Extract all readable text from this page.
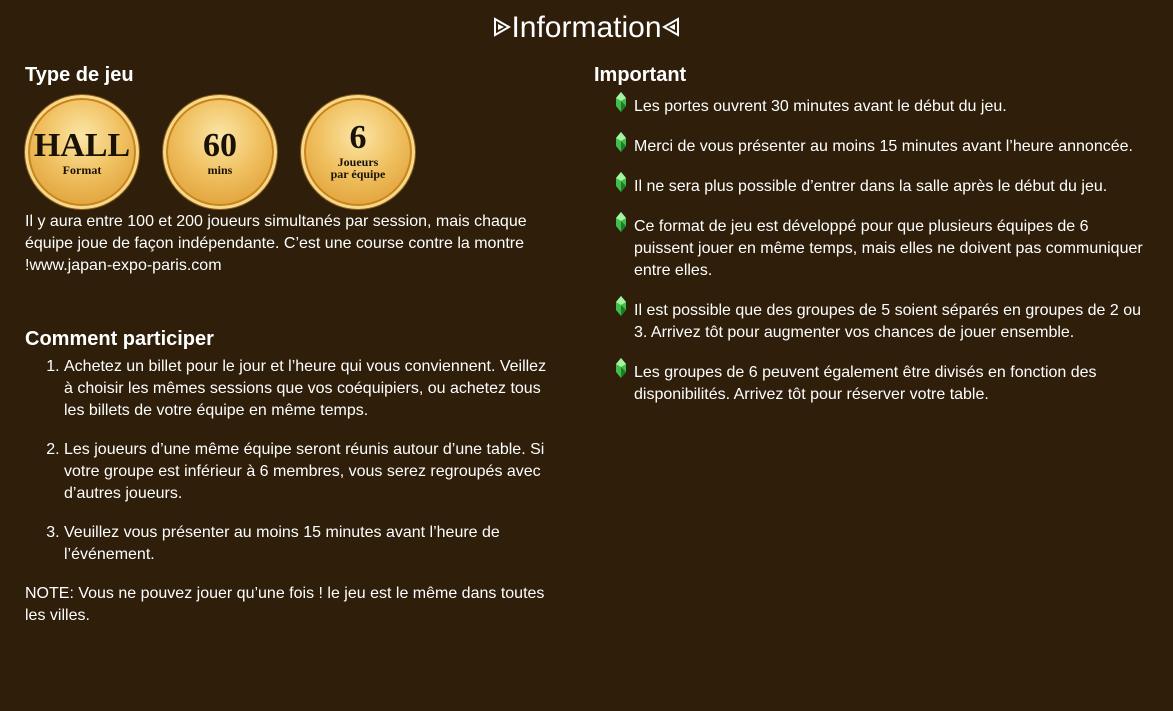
Information
Type de jeu
HALL
Format
60
mins
6
Joueurs
par équipe

Il y aura entre 100 et 200 joueurs simultanés par session, mais chaque équipe joue de façon indépendante. C’est une course contre la montre !www.japan-expo-paris.com

Comment participer
1. Achetez un billet pour le jour et l’heure qui vous conviennent. Veillez à choisir les mêmes sessions que vos coéquipiers, ou achetez tous les billets de votre équipe en même temps.
2. Les joueurs d’une même équipe seront réunis autour d’une table. Si votre groupe est inférieur à 6 membres, vous serez regroupés avec d’autres joueurs.
3. Veuillez vous présenter au moins 15 minutes avant l’heure de l’événement.

NOTE: Vous ne pouvez jouer qu’une fois ! le jeu est le même dans toutes les villes.

Important
Les portes ouvrent 30 minutes avant le début du jeu.
Merci de vous présenter au moins 15 minutes avant l’heure annoncée.
Il ne sera plus possible d’entrer dans la salle après le début du jeu.
Ce format de jeu est développé pour que plusieurs équipes de 6 puissent jouer en même temps, mais elles ne doivent pas communiquer entre elles.
Il est possible que des groupes de 5 soient séparés en groupes de 2 ou 3. Arrivez tôt pour augmenter vos chances de jouer ensemble.
Les groupes de 6 peuvent également être divisés en fonction des disponibilités. Arrivez tôt pour réserver votre table.
